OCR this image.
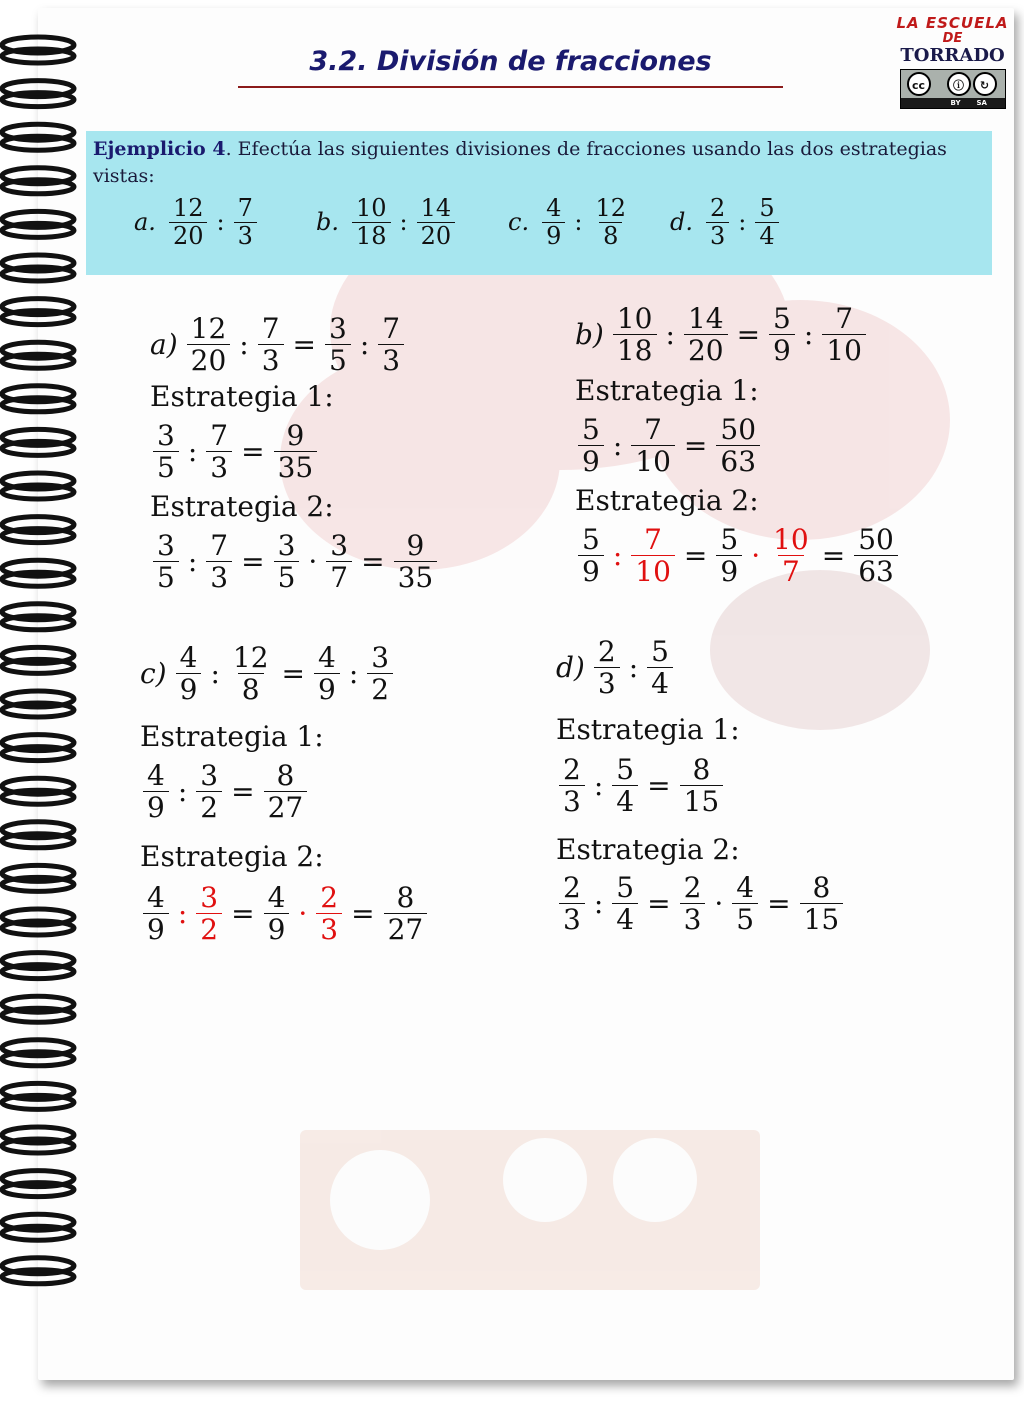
3.2. División de fracciones
LA ESCUELA
DE
TORRADO
cc	ⓘ	↻
BY SA
Ejemplicio 4. Efectúa las siguientes divisiones de fracciones usando las dos estrategias vistas:
a. $\frac{12}{20}$ : $\frac{7}{3} b$. $\frac{10}{18}$ : $\frac{14}{20} c$. $\frac{4}{9}$ : $\frac{12}{8} d$. $\frac{2}{3}$ : $\frac{5}{4}$
$a) \frac{12}{20}$ : $\frac{7}{3} = \frac{3}{5}$ : $\frac{7}{3}$
Estrategia 1:
$\frac{3}{5}$ : $\frac{7}{3} = \frac{9}{35}$
Estrategia 2:
$\frac{3}{5}$ : $\frac{7}{3} = \frac{3}{5} \cdot \frac{3}{7} = \frac{9}{35}$
$b) \frac{10}{18}$ : $\frac{14}{20} = \frac{5}{9}$ : $\frac{7}{10}$
Estrategia 1:
$\frac{5}{9}$ : $\frac{7}{10} = \frac{50}{63}$
Estrategia 2:
$\frac{5}{9}$ : $\frac{7}{10} = \frac{5}{9} \cdot \frac{10}{7} = \frac{50}{63}$
$c) \frac{4}{9}$ : $\frac{12}{8} = \frac{4}{9}$ : $\frac{3}{2}$
Estrategia 1:
$\frac{4}{9}$ : $\frac{3}{2} = \frac{8}{27}$
Estrategia 2:
$\frac{4}{9}$ : $\frac{3}{2} = \frac{4}{9} \cdot \frac{2}{3} = \frac{8}{27}$
$d) \frac{2}{3}$ : $\frac{5}{4}$
Estrategia 1:
$\frac{2}{3}$ : $\frac{5}{4} = \frac{8}{15}$
Estrategia 2:
$\frac{2}{3}$ : $\frac{5}{4} = \frac{2}{3} \cdot \frac{4}{5} = \frac{8}{15}$
